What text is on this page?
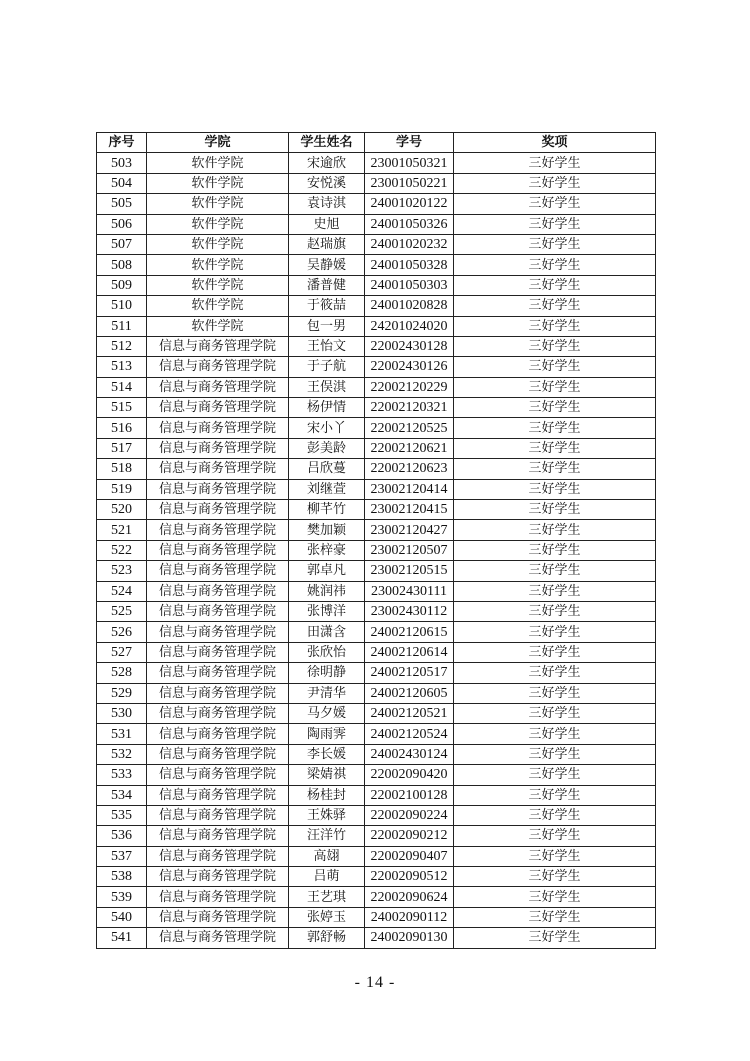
序号	学院	学生姓名	学号	奖项
503	软件学院	宋逾欣	23001050321	三好学生
504	软件学院	安悦溪	23001050221	三好学生
505	软件学院	袁诗淇	24001020122	三好学生
506	软件学院	史旭	24001050326	三好学生
507	软件学院	赵瑞旗	24001020232	三好学生
508	软件学院	吴静媛	24001050328	三好学生
509	软件学院	潘普健	24001050303	三好学生
510	软件学院	于筱喆	24001020828	三好学生
511	软件学院	包一男	24201024020	三好学生
512	信息与商务管理学院	王怡文	22002430128	三好学生
513	信息与商务管理学院	于子航	22002430126	三好学生
514	信息与商务管理学院	王俣淇	22002120229	三好学生
515	信息与商务管理学院	杨伊情	22002120321	三好学生
516	信息与商务管理学院	宋小丫	22002120525	三好学生
517	信息与商务管理学院	彭美龄	22002120621	三好学生
518	信息与商务管理学院	吕欣蔓	22002120623	三好学生
519	信息与商务管理学院	刘继萱	23002120414	三好学生
520	信息与商务管理学院	柳芊竹	23002120415	三好学生
521	信息与商务管理学院	樊加颖	23002120427	三好学生
522	信息与商务管理学院	张梓豪	23002120507	三好学生
523	信息与商务管理学院	郭卓凡	23002120515	三好学生
524	信息与商务管理学院	姚润祎	23002430111	三好学生
525	信息与商务管理学院	张博洋	23002430112	三好学生
526	信息与商务管理学院	田潇含	24002120615	三好学生
527	信息与商务管理学院	张欣怡	24002120614	三好学生
528	信息与商务管理学院	徐明静	24002120517	三好学生
529	信息与商务管理学院	尹清华	24002120605	三好学生
530	信息与商务管理学院	马夕媛	24002120521	三好学生
531	信息与商务管理学院	陶雨霁	24002120524	三好学生
532	信息与商务管理学院	李长媛	24002430124	三好学生
533	信息与商务管理学院	梁婧祺	22002090420	三好学生
534	信息与商务管理学院	杨桂封	22002100128	三好学生
535	信息与商务管理学院	王姝驿	22002090224	三好学生
536	信息与商务管理学院	汪洋竹	22002090212	三好学生
537	信息与商务管理学院	高翃	22002090407	三好学生
538	信息与商务管理学院	吕萌	22002090512	三好学生
539	信息与商务管理学院	王艺琪	22002090624	三好学生
540	信息与商务管理学院	张婷玉	24002090112	三好学生
541	信息与商务管理学院	郭舒畅	24002090130	三好学生
- 14 -
